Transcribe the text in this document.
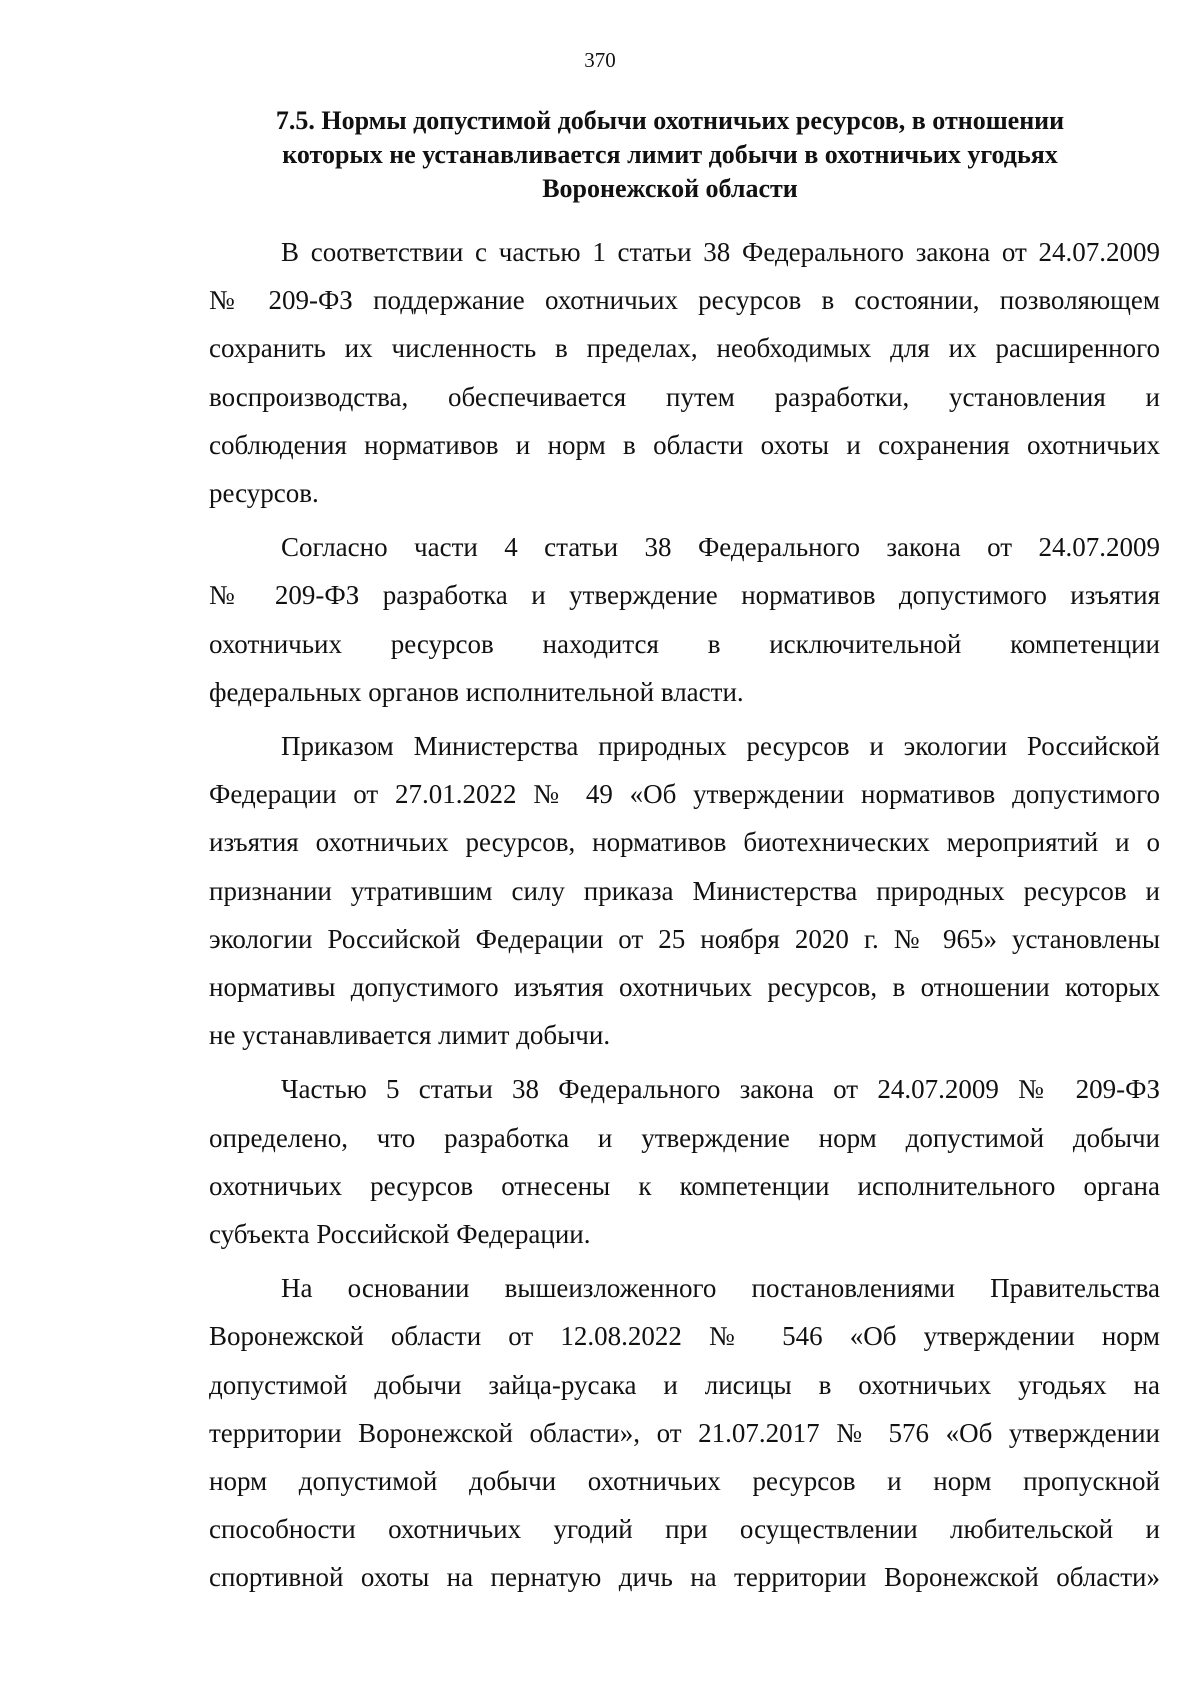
370
7.5. Нормы допустимой добычи охотничьих ресурсов, в отношении
которых не устанавливается лимит добычи в охотничьих угодьях
Воронежской области

В соответствии с частью 1 статьи 38 Федерального закона от 24.07.2009
№ 209-ФЗ поддержание охотничьих ресурсов в состоянии, позволяющем
сохранить их численность в пределах, необходимых для их расширенного
воспроизводства, обеспечивается путем разработки, установления и
соблюдения нормативов и норм в области охоты и сохранения охотничьих
ресурсов.

Согласно части 4 статьи 38 Федерального закона от 24.07.2009
№ 209-ФЗ разработка и утверждение нормативов допустимого изъятия
охотничьих ресурсов находится в исключительной компетенции
федеральных органов исполнительной власти.

Приказом Министерства природных ресурсов и экологии Российской
Федерации от 27.01.2022 № 49 «Об утверждении нормативов допустимого
изъятия охотничьих ресурсов, нормативов биотехнических мероприятий и о
признании утратившим силу приказа Министерства природных ресурсов и
экологии Российской Федерации от 25 ноября 2020 г. № 965» установлены
нормативы допустимого изъятия охотничьих ресурсов, в отношении которых
не устанавливается лимит добычи.

Частью 5 статьи 38 Федерального закона от 24.07.2009 № 209-ФЗ
определено, что разработка и утверждение норм допустимой добычи
охотничьих ресурсов отнесены к компетенции исполнительного органа
субъекта Российской Федерации.

На основании вышеизложенного постановлениями Правительства
Воронежской области от 12.08.2022 № 546 «Об утверждении норм
допустимой добычи зайца-русака и лисицы в охотничьих угодьях на
территории Воронежской области», от 21.07.2017 № 576 «Об утверждении
норм допустимой добычи охотничьих ресурсов и норм пропускной
способности охотничьих угодий при осуществлении любительской и
спортивной охоты на пернатую дичь на территории Воронежской области»
